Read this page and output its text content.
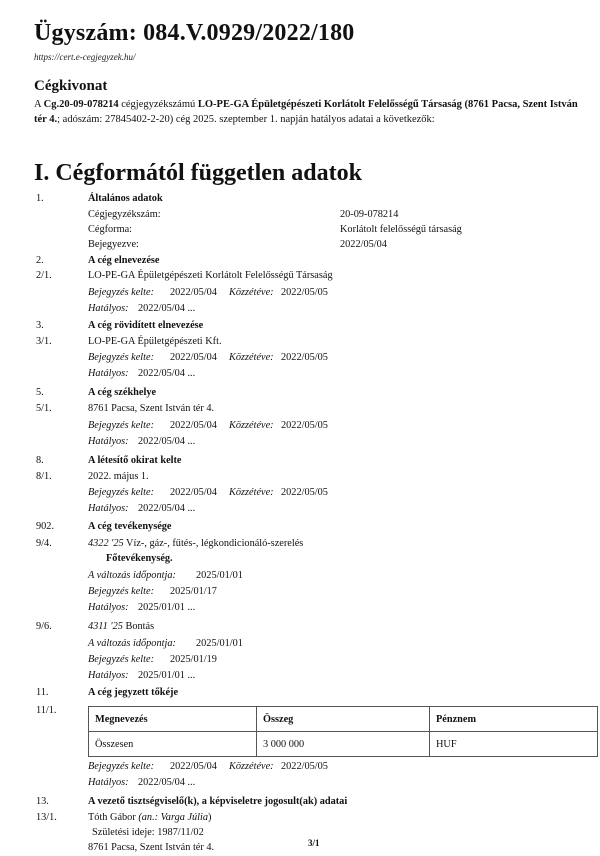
Ügyszám: 084.V.0929/2022/180
https://cert.e-cegjegyzek.hu/
Cégkivonat
A Cg.20-09-078214 cégjegyzékszámú LO-PE-GA Épületgépészeti Korlátolt Felelősségű Társaság (8761 Pacsa, Szent István tér 4.; adószám: 27845402-2-20) cég 2025. szeptember 1. napján hatályos adatai a következők:
I. Cégformától független adatok
1.	Általános adatok
Cégjegyzékszám:	20-09-078214
Cégforma:	Korlátolt felelősségű társaság
Bejegyezve:	2022/05/04
2.	A cég elnevezése
2/1.	LO-PE-GA Épületgépészeti Korlátolt Felelősségű Társaság
Bejegyzés kelte: 2022/05/04 Közzétéve: 2022/05/05
Hatályos: 2022/05/04 ...
3.	A cég rövidített elnevezése
3/1.	LO-PE-GA Épületgépészeti Kft.
Bejegyzés kelte: 2022/05/04 Közzétéve: 2022/05/05
Hatályos: 2022/05/04 ...
5.	A cég székhelye
5/1.	8761 Pacsa, Szent István tér 4.
Bejegyzés kelte: 2022/05/04 Közzétéve: 2022/05/05
Hatályos: 2022/05/04 ...
8.	A létesítő okirat kelte
8/1.	2022. május 1.
Bejegyzés kelte: 2022/05/04 Közzétéve: 2022/05/05
Hatályos: 2022/05/04 ...
902.	A cég tevékenysége
9/4.	4322 '25 Víz-, gáz-, fűtés-, légkondicionáló-szerelés
Főtevékenység.
A változás időpontja: 2025/01/01
Bejegyzés kelte: 2025/01/17
Hatályos: 2025/01/01 ...
9/6.	4311 '25 Bontás
A változás időpontja: 2025/01/01
Bejegyzés kelte: 2025/01/19
Hatályos: 2025/01/01 ...
11.	A cég jegyzett tőkéje
11/1.
Megnevezés	Összeg	Pénznem
Összesen	3 000 000	HUF
Bejegyzés kelte: 2022/05/04 Közzétéve: 2022/05/05
Hatályos: 2022/05/04 ...
13.	A vezető tisztségviselő(k), a képviseletre jogosult(ak) adatai
13/1.	Tóth Gábor (an.: Varga Júlia)
Születési ideje: 1987/11/02
8761 Pacsa, Szent István tér 4.	3/1
